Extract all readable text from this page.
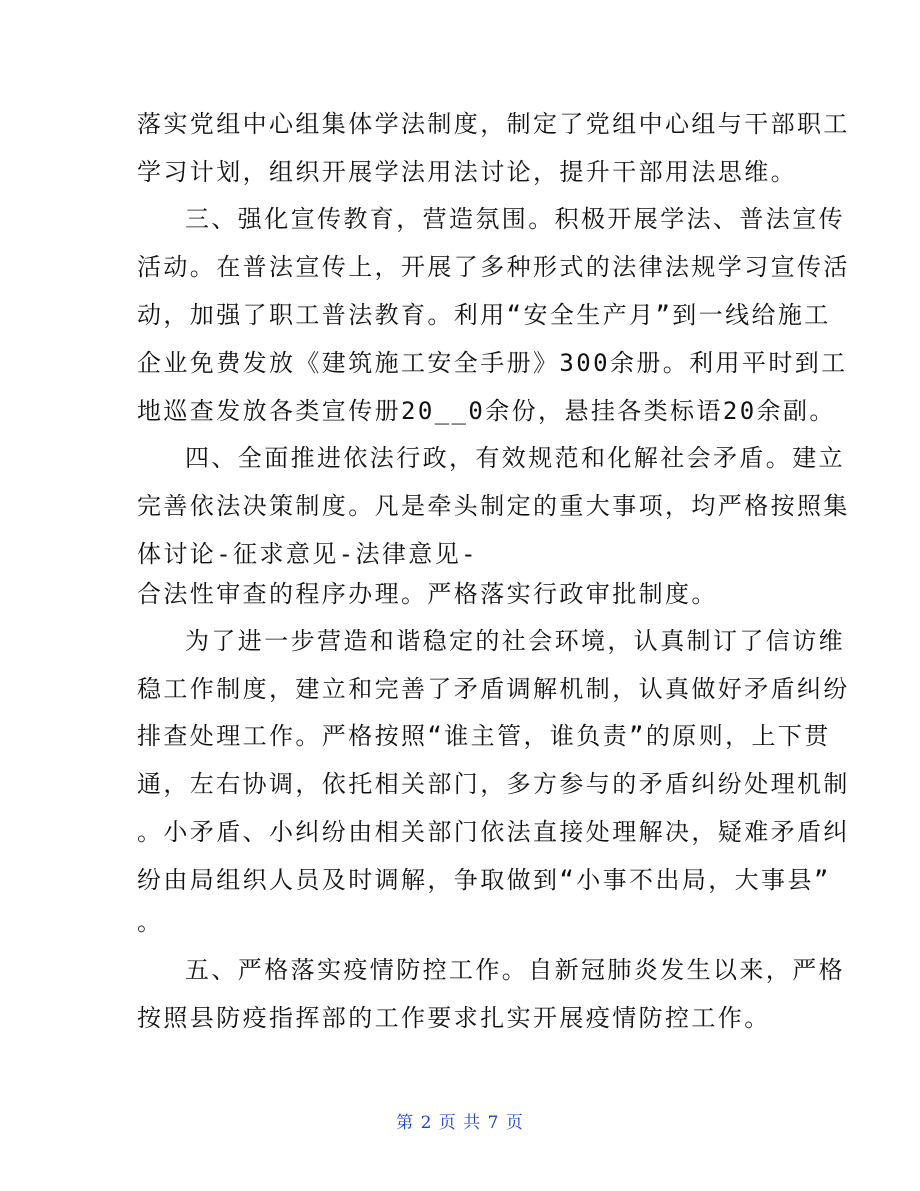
落实党组中心组集体学法制度，制定了党组中心组与干部职工
学习计划，组织开展学法用法讨论，提升干部用法思维。
三、强化宣传教育，营造氛围。积极开展学法、普法宣传
活动。在普法宣传上，开展了多种形式的法律法规学习宣传活
动，加强了职工普法教育。利用“安全生产月”到一线给施工
企业免费发放《建筑施工安全手册》300余册。利用平时到工
地巡查发放各类宣传册20__0余份，悬挂各类标语20余副。
四、全面推进依法行政，有效规范和化解社会矛盾。建立
完善依法决策制度。凡是牵头制定的重大事项，均严格按照集
体讨论-征求意见-法律意见-
合法性审查的程序办理。严格落实行政审批制度。
为了进一步营造和谐稳定的社会环境，认真制订了信访维
稳工作制度，建立和完善了矛盾调解机制，认真做好矛盾纠纷
排查处理工作。严格按照“谁主管，谁负责”的原则，上下贯
通，左右协调，依托相关部门，多方参与的矛盾纠纷处理机制
。小矛盾、小纠纷由相关部门依法直接处理解决，疑难矛盾纠
纷由局组织人员及时调解，争取做到“小事不出局，大事县”
。
五、严格落实疫情防控工作。自新冠肺炎发生以来，严格
按照县防疫指挥部的工作要求扎实开展疫情防控工作。
第 2 页 共 7 页
